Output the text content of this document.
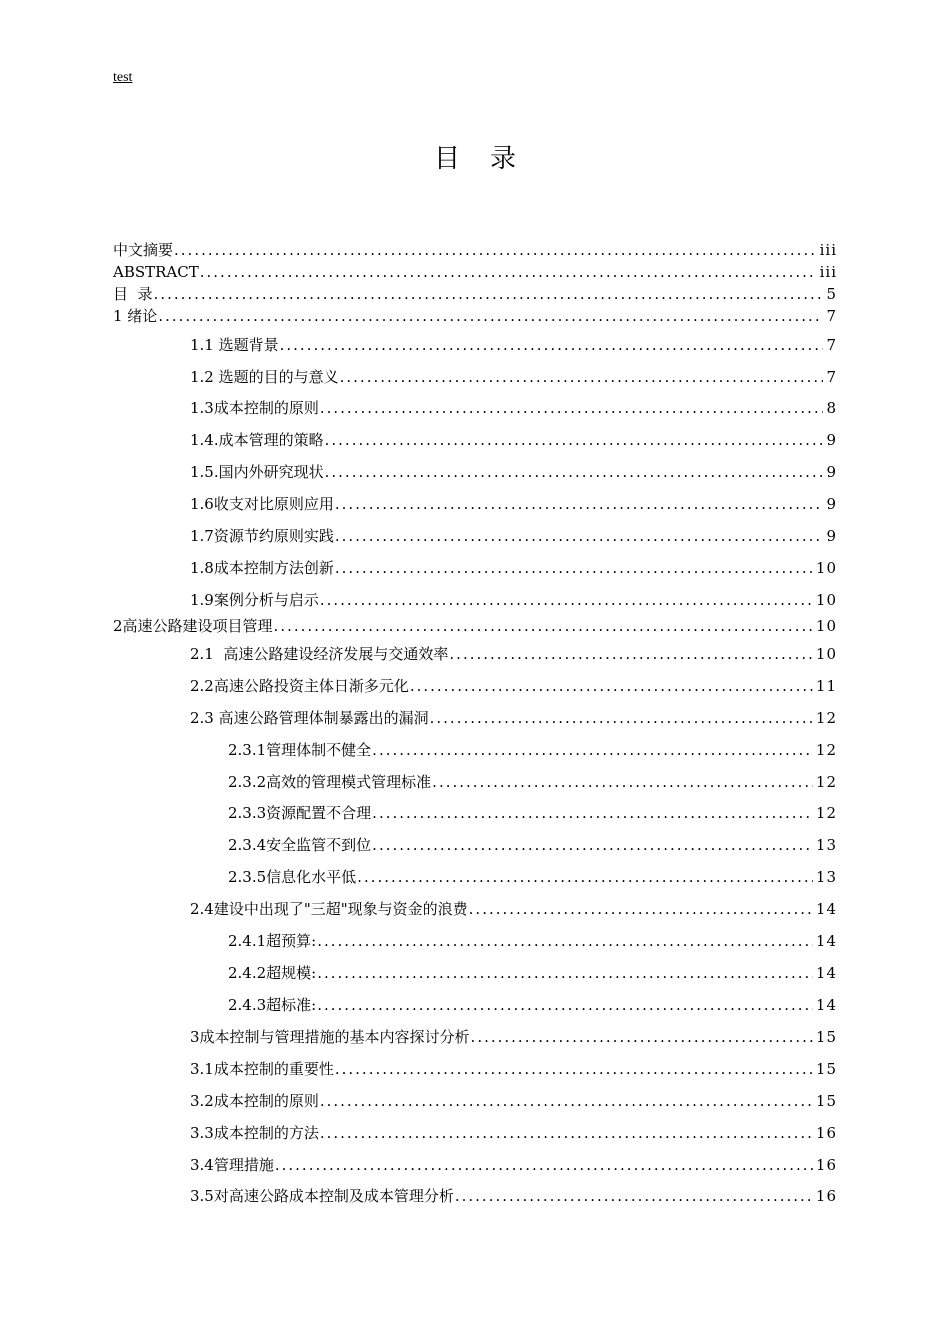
test
目录
中文摘要 .....	iii
ABSTRACT .....	iii
目  录 .....	5
1 绪论 .....	7
1.1 选题背景 .....	7
1.2 选题的目的与意义 .....	7
1.3成本控制的原则 .....	8
1.4.成本管理的策略 .....	9
1.5.国内外研究现状 .....	9
1.6收支对比原则应用 .....	9
1.7资源节约原则实践 .....	9
1.8成本控制方法创新 .....	10
1.9案例分析与启示 .....	10
2高速公路建设项目管理 .....	10
2.1  高速公路建设经济发展与交通效率 .....	10
2.2高速公路投资主体日渐多元化 .....	11
2.3 高速公路管理体制暴露出的漏洞 .....	12
2.3.1管理体制不健全 .....	12
2.3.2高效的管理模式管理标准 .....	12
2.3.3资源配置不合理 .....	12
2.3.4安全监管不到位 .....	13
2.3.5信息化水平低 .....	13
2.4建设中出现了"三超"现象与资金的浪费 .....	14
2.4.1超预算: .....	14
2.4.2超规模: .....	14
2.4.3超标准: .....	14
3成本控制与管理措施的基本内容探讨分析 .....	15
3.1成本控制的重要性 .....	15
3.2成本控制的原则 .....	15
3.3成本控制的方法 .....	16
3.4管理措施 .....	16
3.5对高速公路成本控制及成本管理分析 .....	16
